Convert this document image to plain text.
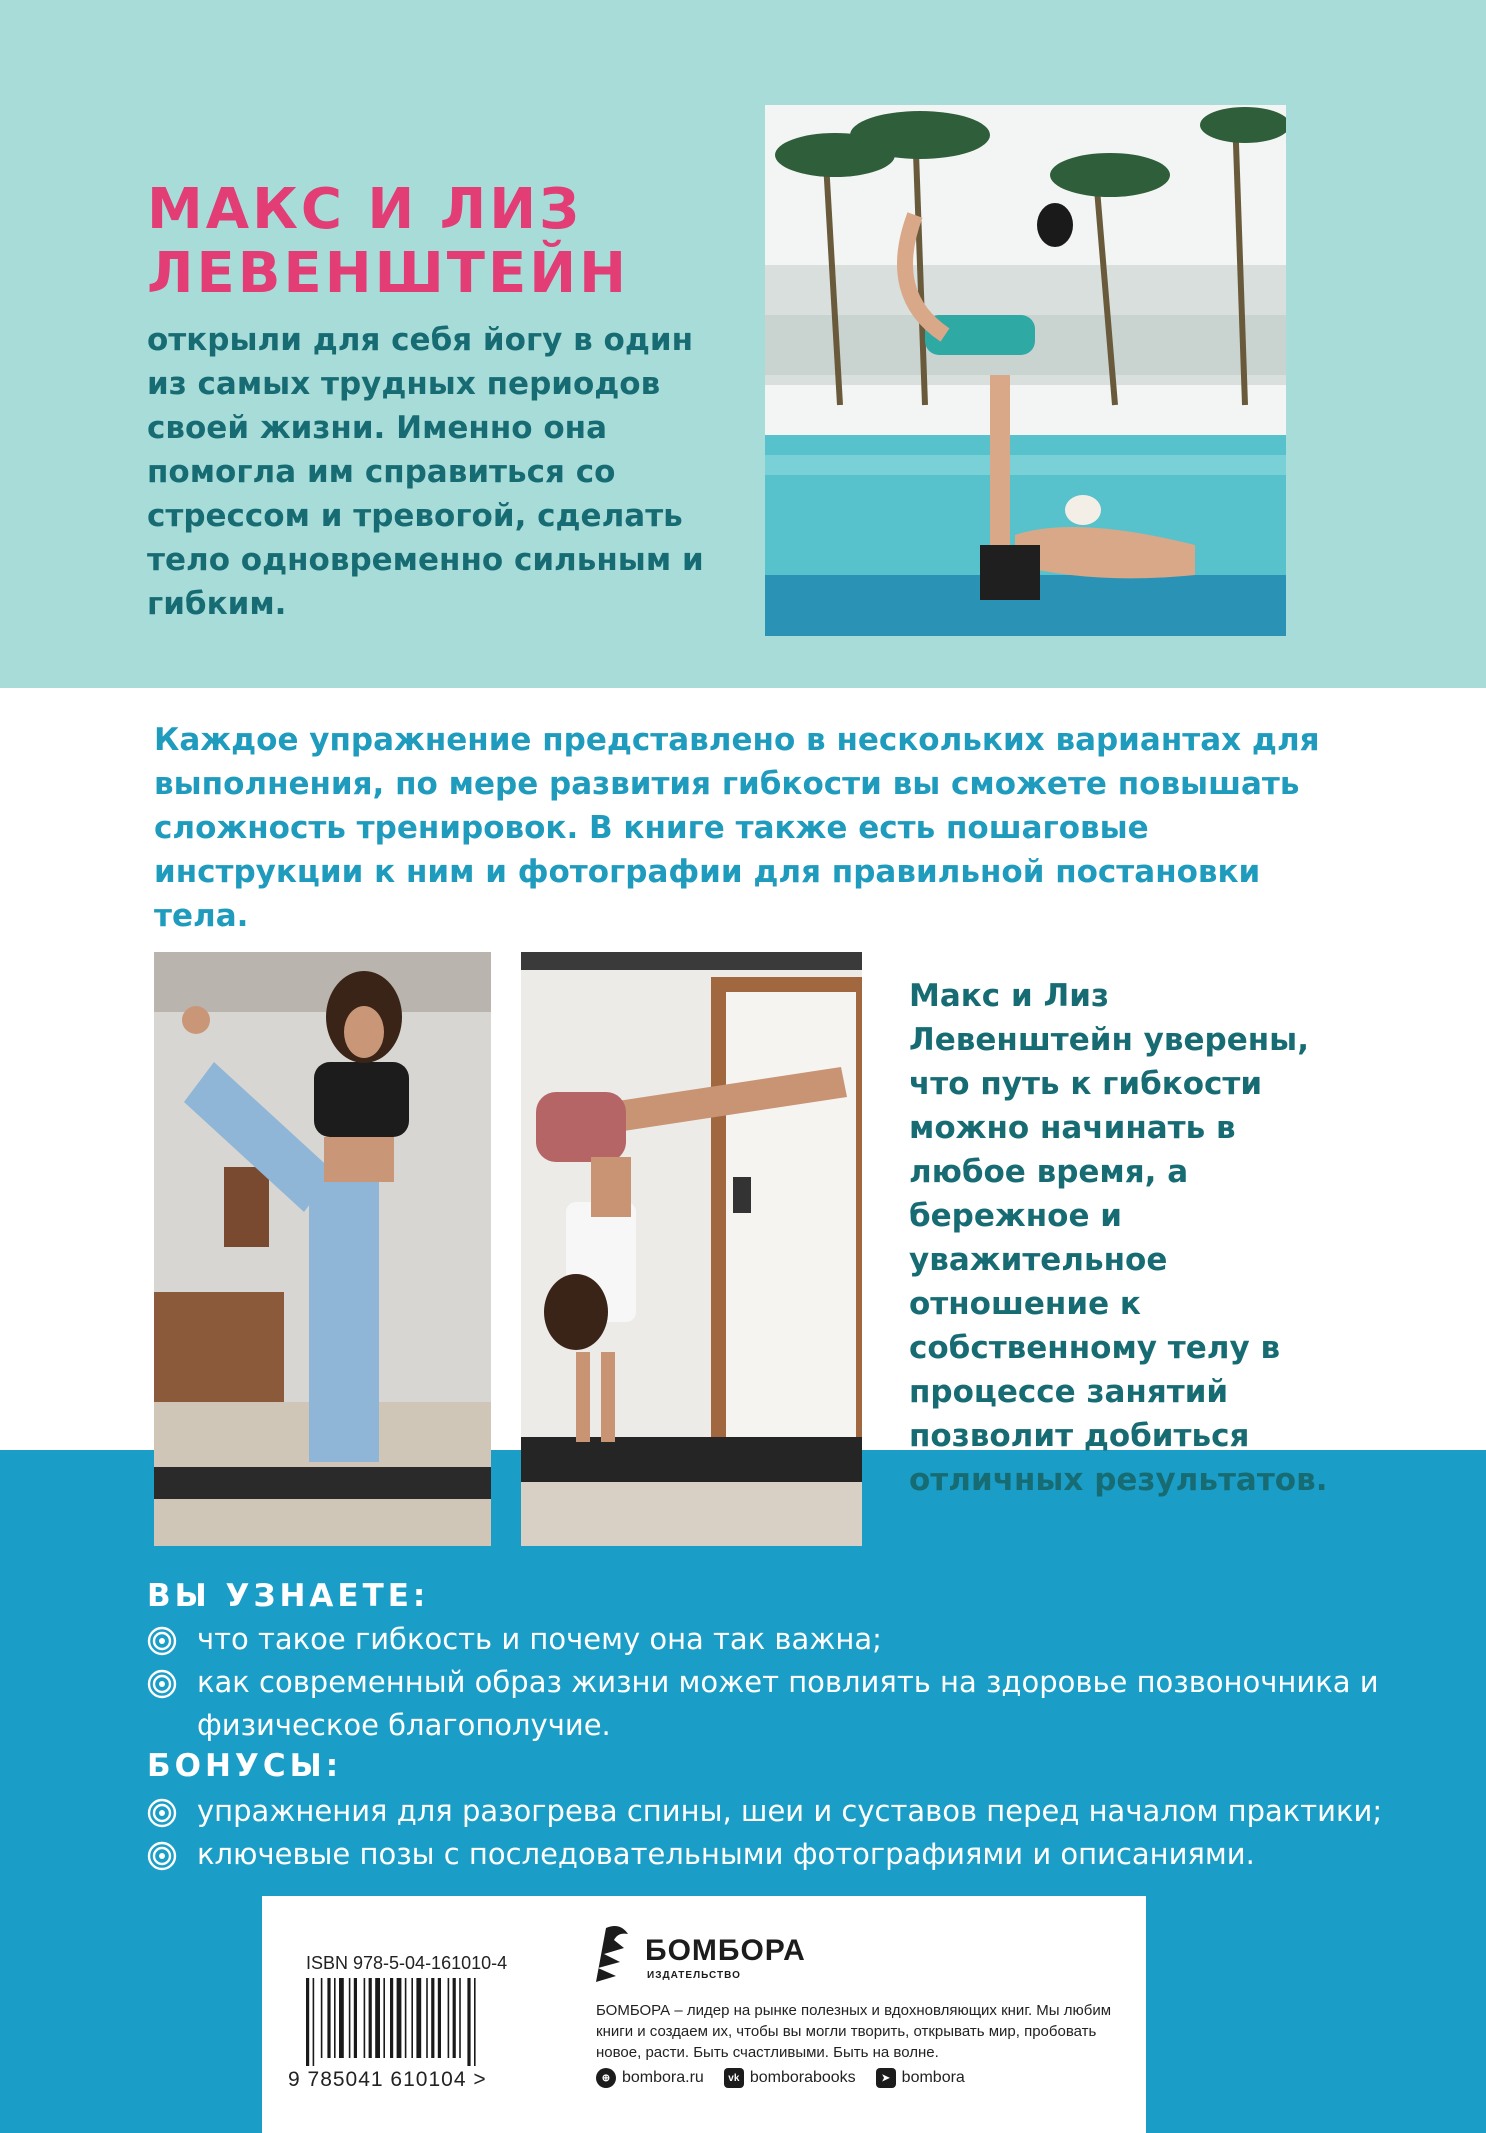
МАКС И ЛИЗ ЛЕВЕНШТЕЙН

открыли для себя йогу в один из самых трудных периодов своей жизни. Именно она помогла им справиться со стрессом и тревогой, сделать тело одновременно сильным и гибким.

Каждое упражнение представлено в нескольких вариантах для выполнения, по мере развития гибкости вы сможете повышать сложность тренировок. В книге также есть пошаговые инструкции к ним и фотографии для правильной постановки тела.

Макс и Лиз Левенштейн уверены, что путь к гибкости можно начинать в любое время, а бережное и уважительное отношение к собственному телу в процессе занятий позволит добиться отличных результатов.

ВЫ УЗНАЕТЕ:
что такое гибкость и почему она так важна;
как современный образ жизни может повлиять на здоровье позвоночника и физическое благополучие.
БОНУСЫ:
упражнения для разогрева спины, шеи и суставов перед началом практики;
ключевые позы с последовательными фотографиями и описаниями.
ISBN 978-5-04-161010-4
9 785041 610104 >
БОМБОРА
ИЗДАТЕЛЬСТВО

БОМБОРА – лидер на рынке полезных и вдохновляющих книг. Мы любим книги и создаем их, чтобы вы могли творить, открывать мир, пробовать новое, расти. Быть счастливыми. Быть на волне.

⊕ bombora.ru	vk bomborabooks	➤ bombora
